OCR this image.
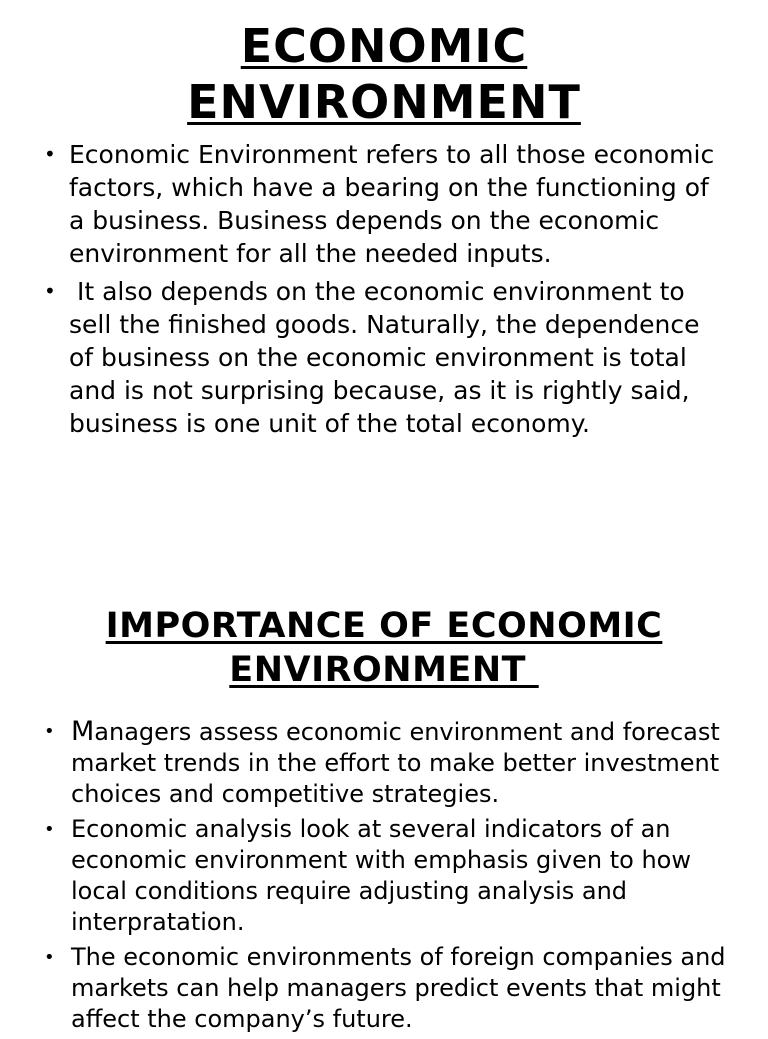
ECONOMIC
ENVIRONMENT
• Economic Environment refers to all those economic factors, which have a bearing on the functioning of a business. Business depends on the economic environment for all the needed inputs.
• It also depends on the economic environment to sell the finished goods. Naturally, the dependence of business on the economic environment is total and is not surprising because, as it is rightly said, business is one unit of the total economy.
IMPORTANCE OF ECONOMIC
ENVIRONMENT
• Managers assess economic environment and forecast market trends in the effort to make better investment choices and competitive strategies.
• Economic analysis look at several indicators of an economic environment with emphasis given to how local conditions require adjusting analysis and interpratation.
• The economic environments of foreign companies and markets can help managers predict events that might affect the company’s future.
